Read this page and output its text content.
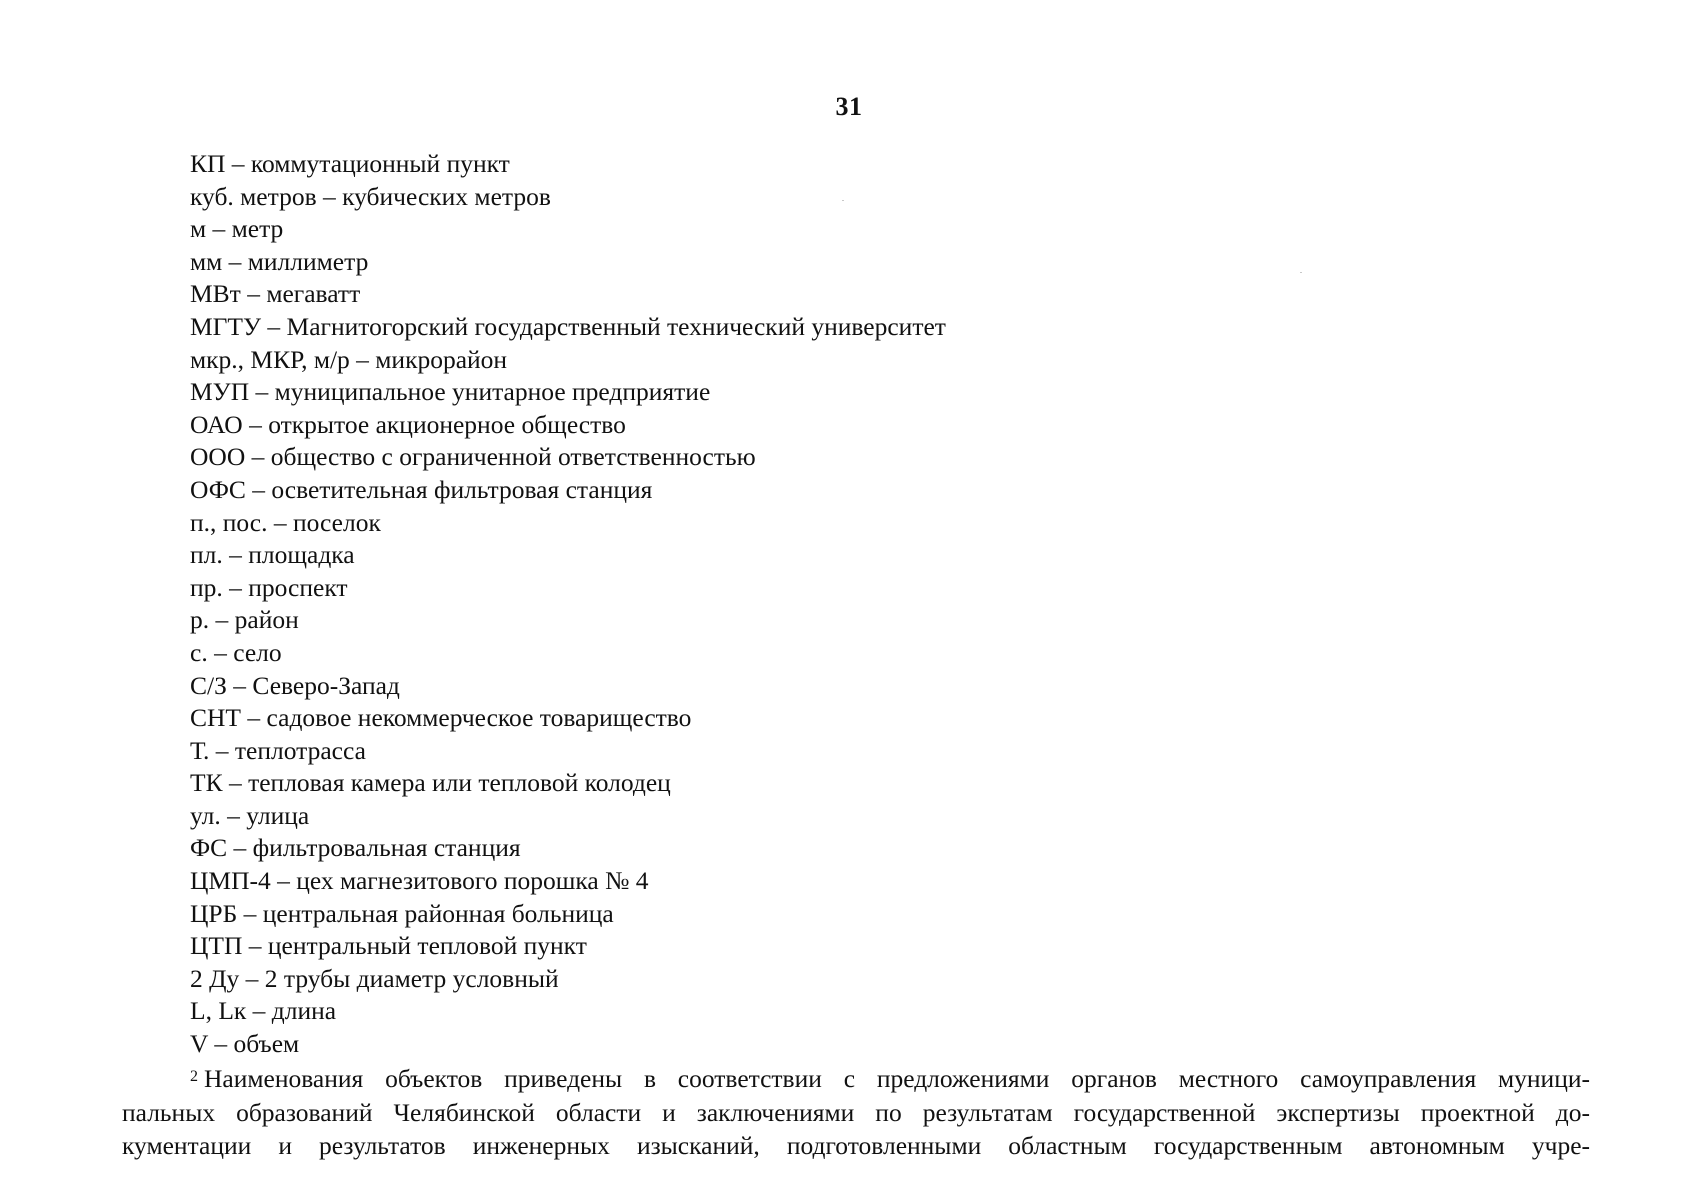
31
КП – коммутационный пункт
куб. метров – кубических метров
м – метр
мм – миллиметр
МВт – мегаватт
МГТУ – Магнитогорский государственный технический университет
мкр., МКР, м/р – микрорайон
МУП – муниципальное унитарное предприятие
ОАО – открытое акционерное общество
ООО – общество с ограниченной ответственностью
ОФС – осветительная фильтровая станция
п., пос. – поселок
пл. – площадка
пр. – проспект
р. – район
с. – село
С/З – Северо-Запад
СНТ – садовое некоммерческое товарищество
Т. – теплотрасса
ТК – тепловая камера или тепловой колодец
ул. – улица
ФС – фильтровальная станция
ЦМП-4 – цех магнезитового порошка № 4
ЦРБ – центральная районная больница
ЦТП – центральный тепловой пункт
2 Ду – 2 трубы диаметр условный
L, Lк – длина
V – объем
$^2$ Наименования объектов приведены в соответствии с предложениями органов местного самоуправления муници-
пальных образований Челябинской области и заключениями по результатам государственной экспертизы проектной до-
кументации и результатов инженерных изысканий, подготовленными областным государственным автономным учре-
